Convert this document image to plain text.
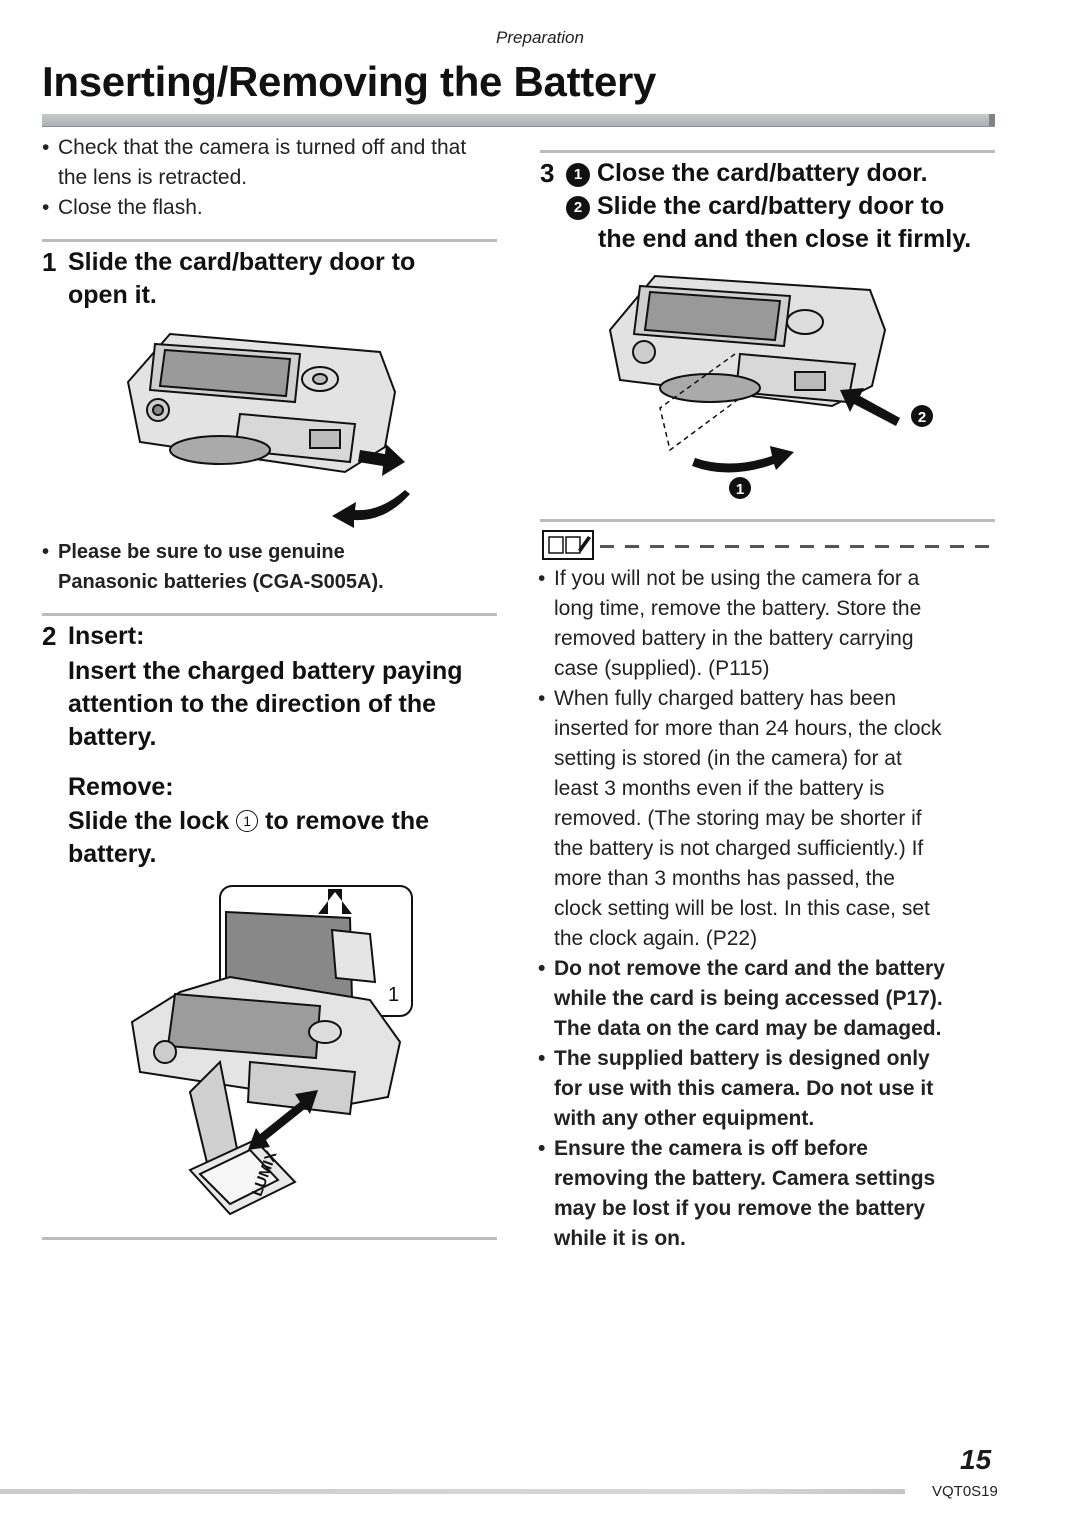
Preparation
Inserting/Removing the Battery
• Check that the camera is turned off and that the lens is retracted.
• Close the flash.
1 Slide the card/battery door to
open it.
• Please be sure to use genuine
Panasonic batteries (CGA-S005A).
2 Insert:
Insert the charged battery paying
attention to the direction of the
battery.
Remove:
Slide the lock 1 to remove the
battery.
1
LUMIX
3	1 Close the card/battery door.
2 Slide the card/battery door to
the end and then close it firmly.
2
1
• If you will not be using the camera for a
long time, remove the battery. Store the
removed battery in the battery carrying
case (supplied). (P115)
• When fully charged battery has been
inserted for more than 24 hours, the clock
setting is stored (in the camera) for at
least 3 months even if the battery is
removed. (The storing may be shorter if
the battery is not charged sufficiently.) If
more than 3 months has passed, the
clock setting will be lost. In this case, set
the clock again. (P22)
• Do not remove the card and the battery
while the card is being accessed (P17).
The data on the card may be damaged.
• The supplied battery is designed only
for use with this camera. Do not use it
with any other equipment.
• Ensure the camera is off before
removing the battery. Camera settings
may be lost if you remove the battery
while it is on.
15
VQT0S19
